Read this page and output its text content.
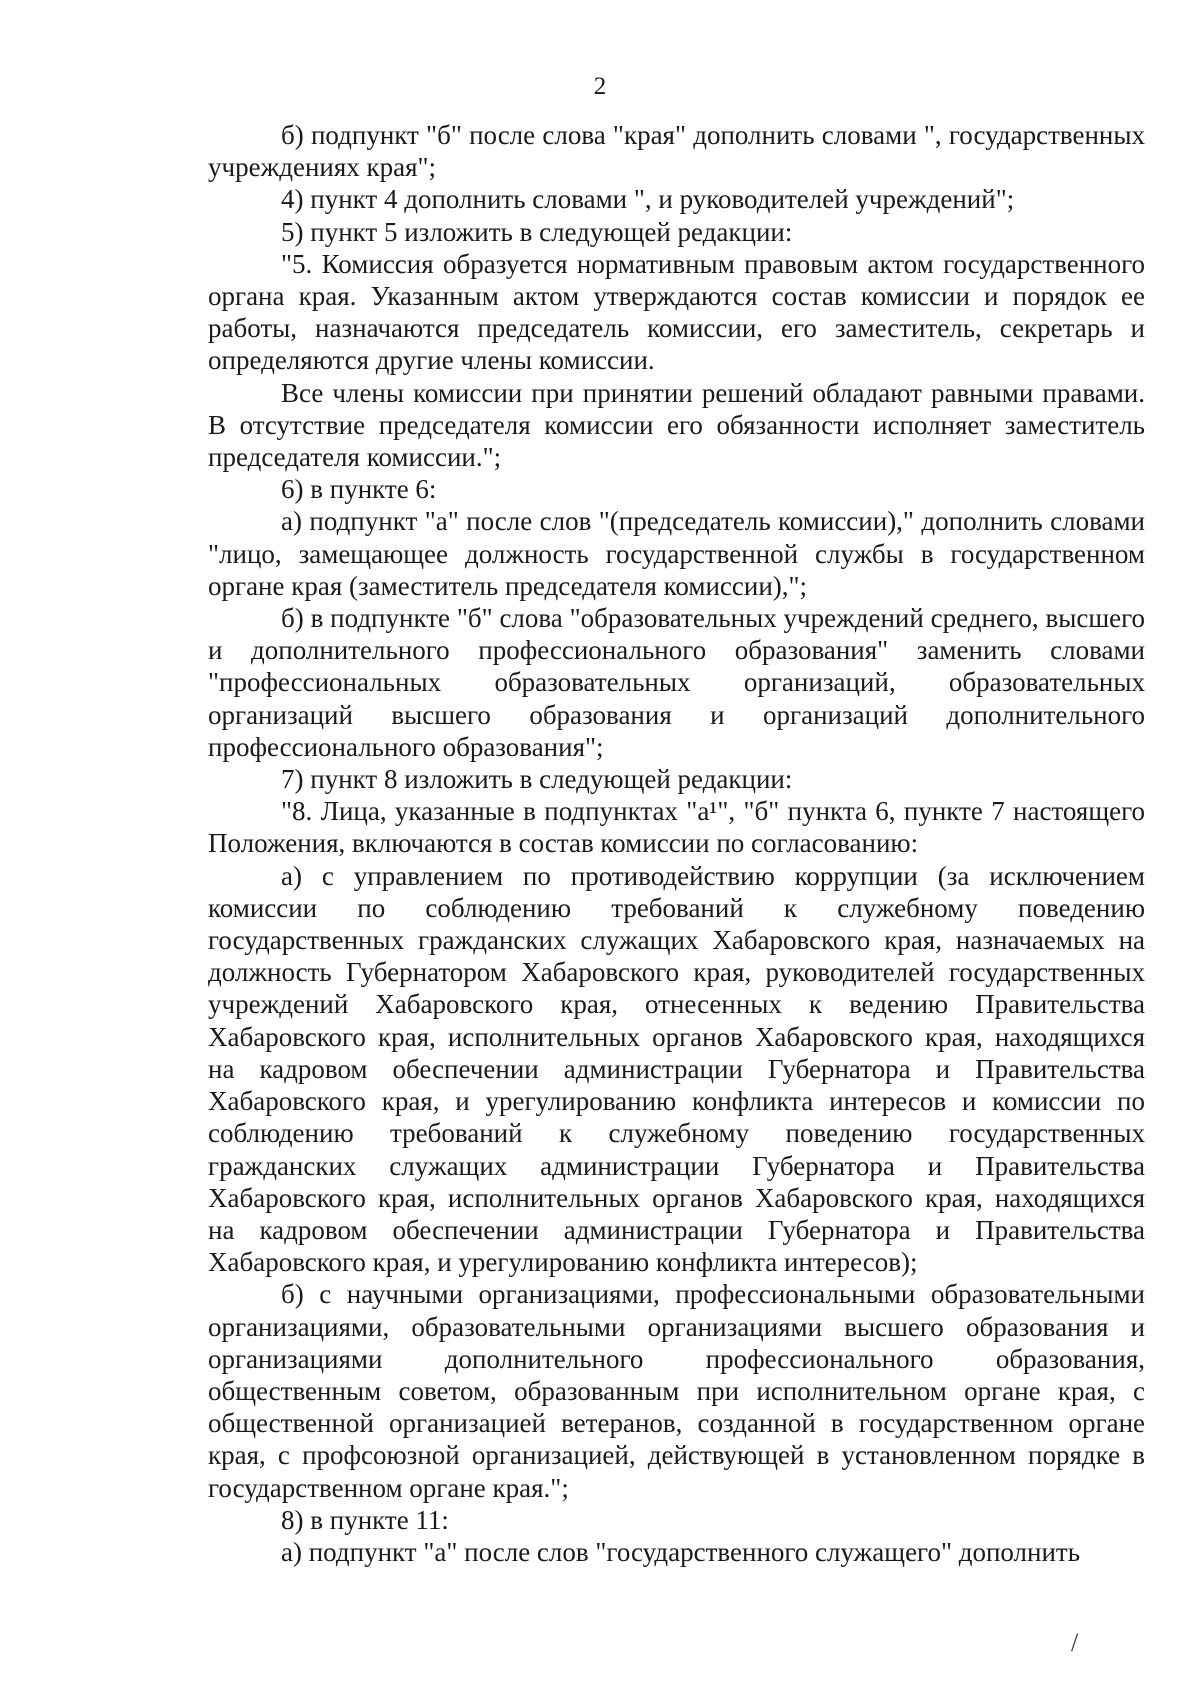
2

б) подпункт "б" после слова "края" дополнить словами ", государственных учреждениях края";

4) пункт 4 дополнить словами ", и руководителей учреждений";

5) пункт 5 изложить в следующей редакции:

"5. Комиссия образуется нормативным правовым актом государственного органа края. Указанным актом утверждаются состав комиссии и порядок ее работы, назначаются председатель комиссии, его заместитель, секретарь и определяются другие члены комиссии.

Все члены комиссии при принятии решений обладают равными правами. В отсутствие председателя комиссии его обязанности исполняет заместитель председателя комиссии.";

6) в пункте 6:

а) подпункт "а" после слов "(председатель комиссии)," дополнить словами "лицо, замещающее должность государственной службы в государственном органе края (заместитель председателя комиссии),";

б) в подпункте "б" слова "образовательных учреждений среднего, высшего и дополнительного профессионального образования" заменить словами "профессиональных образовательных организаций, образовательных организаций высшего образования и организаций дополнительного профессионального образования";

7) пункт 8 изложить в следующей редакции:

"8. Лица, указанные в подпунктах "а¹", "б" пункта 6, пункте 7 настоящего Положения, включаются в состав комиссии по согласованию:

а) с управлением по противодействию коррупции (за исключением комиссии по соблюдению требований к служебному поведению государственных гражданских служащих Хабаровского края, назначаемых на должность Губернатором Хабаровского края, руководителей государственных учреждений Хабаровского края, отнесенных к ведению Правительства Хабаровского края, исполнительных органов Хабаровского края, находящихся на кадровом обеспечении администрации Губернатора и Правительства Хабаровского края, и урегулированию конфликта интересов и комиссии по соблюдению требований к служебному поведению государственных гражданских служащих администрации Губернатора и Правительства Хабаровского края, исполнительных органов Хабаровского края, находящихся на кадровом обеспечении администрации Губернатора и Правительства Хабаровского края, и урегулированию конфликта интересов);

б) с научными организациями, профессиональными образовательными организациями, образовательными организациями высшего образования и организациями дополнительного профессионального образования, общественным советом, образованным при исполнительном органе края, с общественной организацией ветеранов, созданной в государственном органе края, с профсоюзной организацией, действующей в установленном порядке в государственном органе края.";

8) в пункте 11:

а) подпункт "а" после слов "государственного служащего" дополнить

/
